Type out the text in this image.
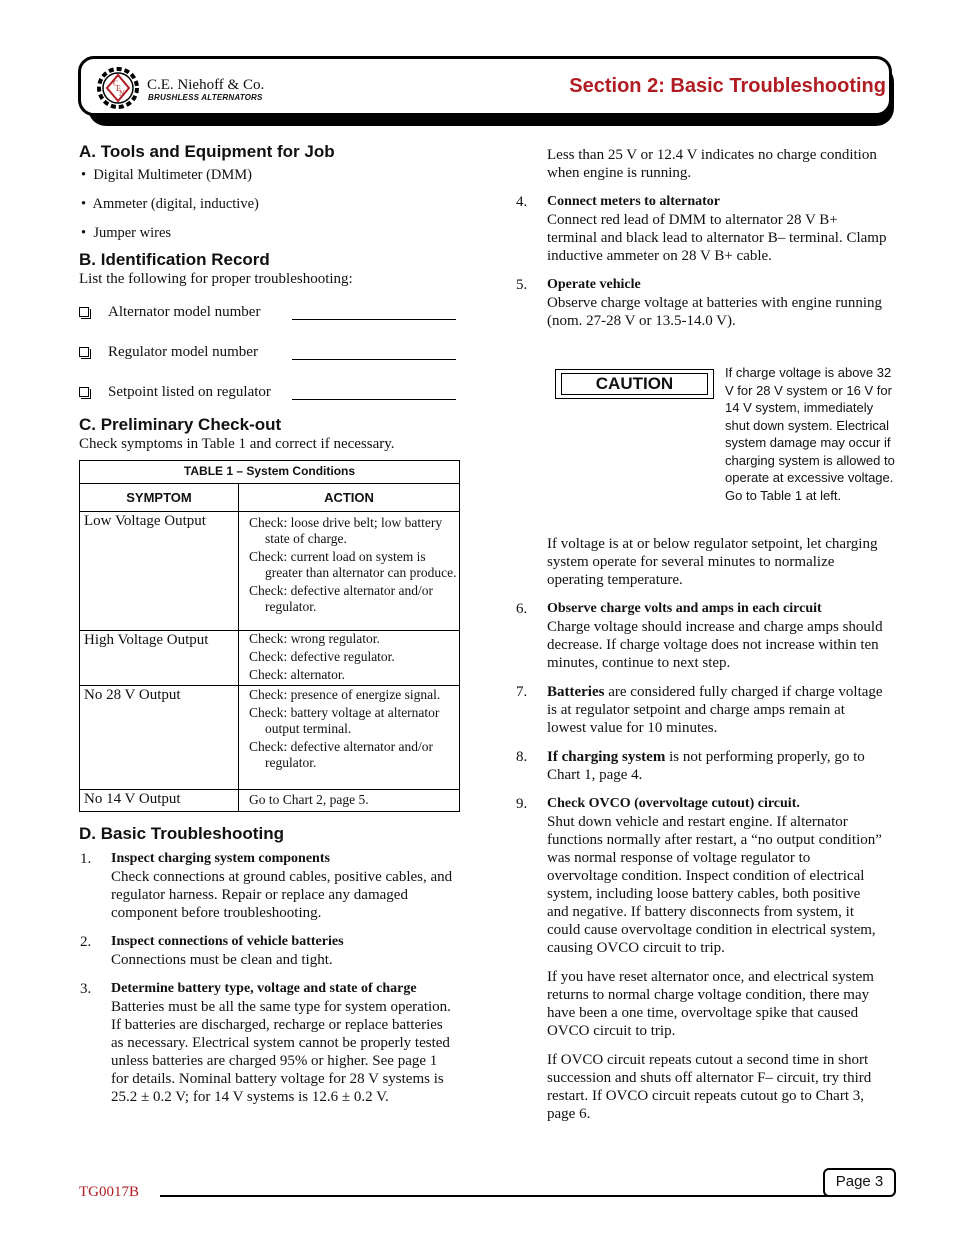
C
E
N
C.E. Niehoff & Co.
BRUSHLESS ALTERNATORS
Section 2: Basic Troubleshooting
A. Tools and Equipment for Job
•  Digital Multimeter (DMM)
•  Ammeter (digital, inductive)
•  Jumper wires
B. Identification Record
List the following for proper troubleshooting:
Alternator model number
Regulator model number
Setpoint listed on regulator
C. Preliminary Check-out
Check symptoms in Table 1 and correct if necessary.
TABLE 1 – System Conditions	
SYMPTOM	ACTION
Low Voltage Output	Check: loose drive belt; low battery state of charge.
Check: current load on system is greater than alternator can produce.
Check: defective alternator and/or regulator.

High Voltage Output	Check: wrong regulator.
Check: defective regulator.
Check: alternator.

No 28 V Output	Check: presence of energize signal.
Check: battery voltage at alternator output terminal.
Check: defective alternator and/or regulator.

No 14 V Output	Go to Chart 2, page 5.
D. Basic Troubleshooting
1. Inspect charging system components
Check connections at ground cables, positive cables, and regulator harness. Repair or replace any damaged component before troubleshooting.
2. Inspect connections of vehicle batteries
Connections must be clean and tight.
3. Determine battery type, voltage and state of charge
Batteries must be all the same type for system operation. If batteries are discharged, recharge or replace batteries as necessary. Electrical system cannot be properly tested unless batteries are charged 95% or higher. See page 1 for details. Nominal battery voltage for 28 V systems is 25.2 ± 0.2 V; for 14 V systems is 12.6 ± 0.2 V.
Less than 25 V or 12.4 V indicates no charge condition when engine is running.
4. Connect meters to alternator
Connect red lead of DMM to alternator 28 V B+ terminal and black lead to alternator B– terminal. Clamp inductive ammeter on 28 V B+ cable.
5. Operate vehicle
Observe charge voltage at batteries with engine running (nom. 27-28 V or 13.5-14.0 V).
CAUTION
If charge voltage is above 32 V for 28 V system or 16 V for 14 V system, immediately shut down system. Electrical system damage may occur if charging system is allowed to operate at excessive voltage. Go to Table 1 at left.
If voltage is at or below regulator setpoint, let charging system operate for several minutes to normalize operating temperature.
6. Observe charge volts and amps in each circuit
Charge voltage should increase and charge amps should decrease. If charge voltage does not increase within ten minutes, continue to next step.
7. Batteries are considered fully charged if charge voltage is at regulator setpoint and charge amps remain at lowest value for 10 minutes.
8. If charging system is not performing properly, go to Chart 1, page 4.
9. Check OVCO (overvoltage cutout) circuit.
Shut down vehicle and restart engine. If alternator functions normally after restart, a “no output condition” was normal response of voltage regulator to overvoltage condition. Inspect condition of electrical system, including loose battery cables, both positive and negative. If battery disconnects from system, it could cause overvoltage condition in electrical system, causing OVCO circuit to trip.
If you have reset alternator once, and electrical system returns to normal charge voltage condition, there may have been a one time, overvoltage spike that caused OVCO circuit to trip.
If OVCO circuit repeats cutout a second time in short succession and shuts off alternator F– circuit, try third restart. If OVCO circuit repeats cutout go to Chart 3, page 6.
TG0017B
Page 3
